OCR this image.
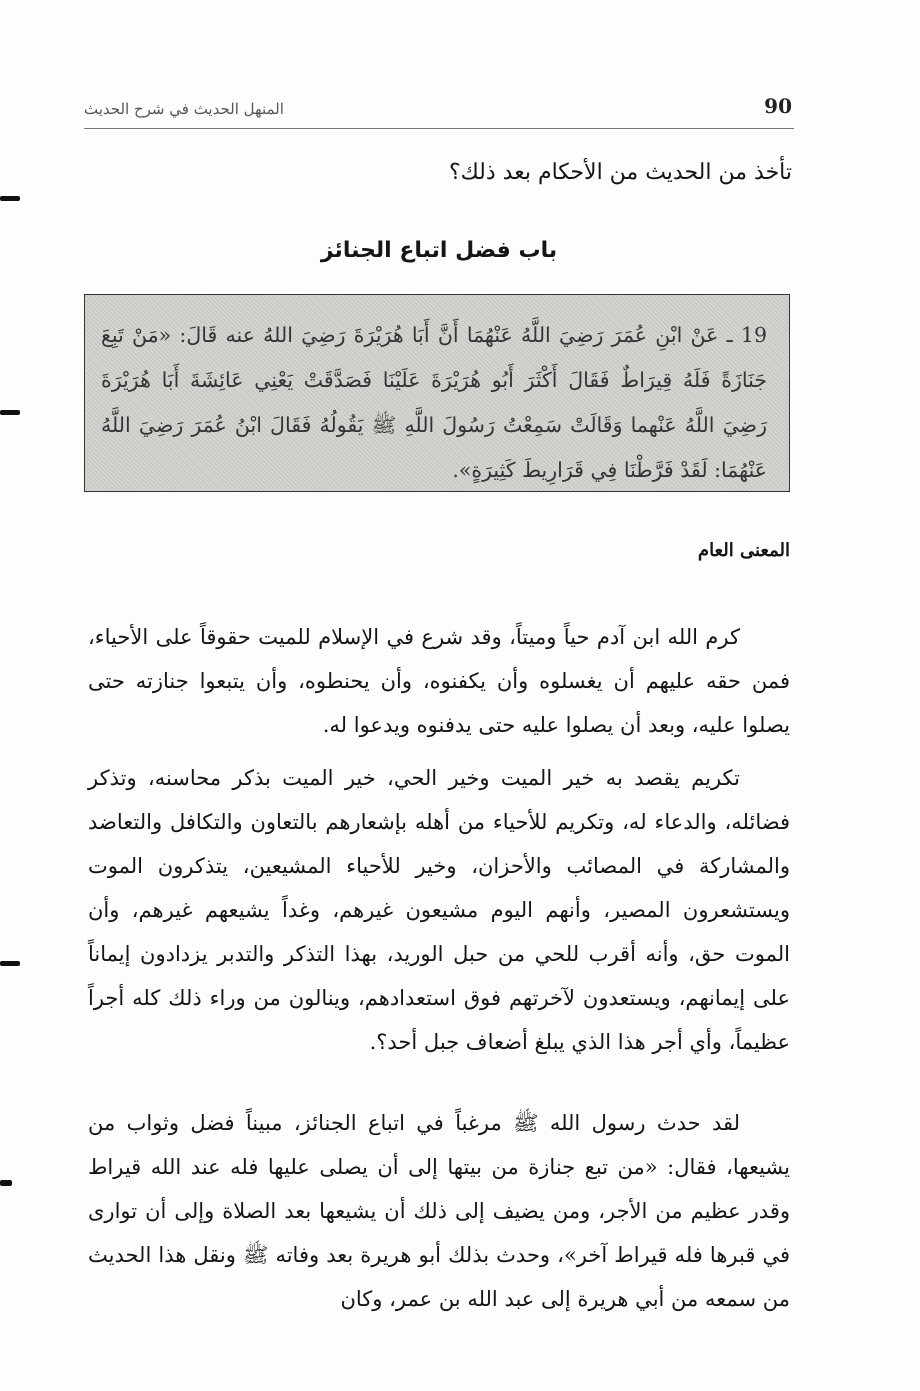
90
المنهل الحديث في شرح الحديث
تأخذ من الحديث من الأحكام بعد ذلك؟
باب فضل اتباع الجنائز
19 ـ عَنْ ابْنِ عُمَرَ رَضِيَ اللَّهُ عَنْهُمَا أَنَّ أَبَا هُرَيْرَةَ رَضِيَ اللهُ عنه قَالَ: «مَنْ تَبِعَ جَنَازَةً فَلَهُ قِيرَاطٌ فَقَالَ أَكْثَرَ أَبُو هُرَيْرَةَ عَلَيْنَا فَصَدَّقَتْ يَعْنِي عَائِشَةَ أَبَا هُرَيْرَةَ رَضِيَ اللَّهُ عَنْهما وَقَالَتْ سَمِعْتُ رَسُولَ اللَّهِ ﷺ يَقُولُهُ فَقَالَ ابْنُ عُمَرَ رَضِيَ اللَّهُ عَنْهُمَا: لَقَدْ فَرَّطْنَا فِي قَرَارِيطَ كَثِيرَةٍ».
المعنى العام

كرم الله ابن آدم حياً وميتاً، وقد شرع في الإسلام للميت حقوقاً على الأحياء، فمن حقه عليهم أن يغسلوه وأن يكفنوه، وأن يحنطوه، وأن يتبعوا جنازته حتى يصلوا عليه، وبعد أن يصلوا عليه حتى يدفنوه ويدعوا له.

تكريم يقصد به خير الميت وخير الحي، خير الميت بذكر محاسنه، وتذكر فضائله، والدعاء له، وتكريم للأحياء من أهله بإشعارهم بالتعاون والتكافل والتعاضد والمشاركة في المصائب والأحزان، وخير للأحياء المشيعين، يتذكرون الموت ويستشعرون المصير، وأنهم اليوم مشيعون غيرهم، وغداً يشيعهم غيرهم، وأن الموت حق، وأنه أقرب للحي من حبل الوريد، بهذا التذكر والتدبر يزدادون إيماناً على إيمانهم، ويستعدون لآخرتهم فوق استعدادهم، وينالون من وراء ذلك كله أجراً عظيماً، وأي أجر هذا الذي يبلغ أضعاف جبل أحد؟.

لقد حدث رسول الله ﷺ مرغباً في اتباع الجنائز، مبيناً فضل وثواب من يشيعها، فقال: «من تبع جنازة من بيتها إلى أن يصلى عليها فله عند الله قيراط وقدر عظيم من الأجر، ومن يضيف إلى ذلك أن يشيعها بعد الصلاة وإلى أن توارى في قبرها فله قيراط آخر»، وحدث بذلك أبو هريرة بعد وفاته ﷺ ونقل هذا الحديث من سمعه من أبي هريرة إلى عبد الله بن عمر، وكان
